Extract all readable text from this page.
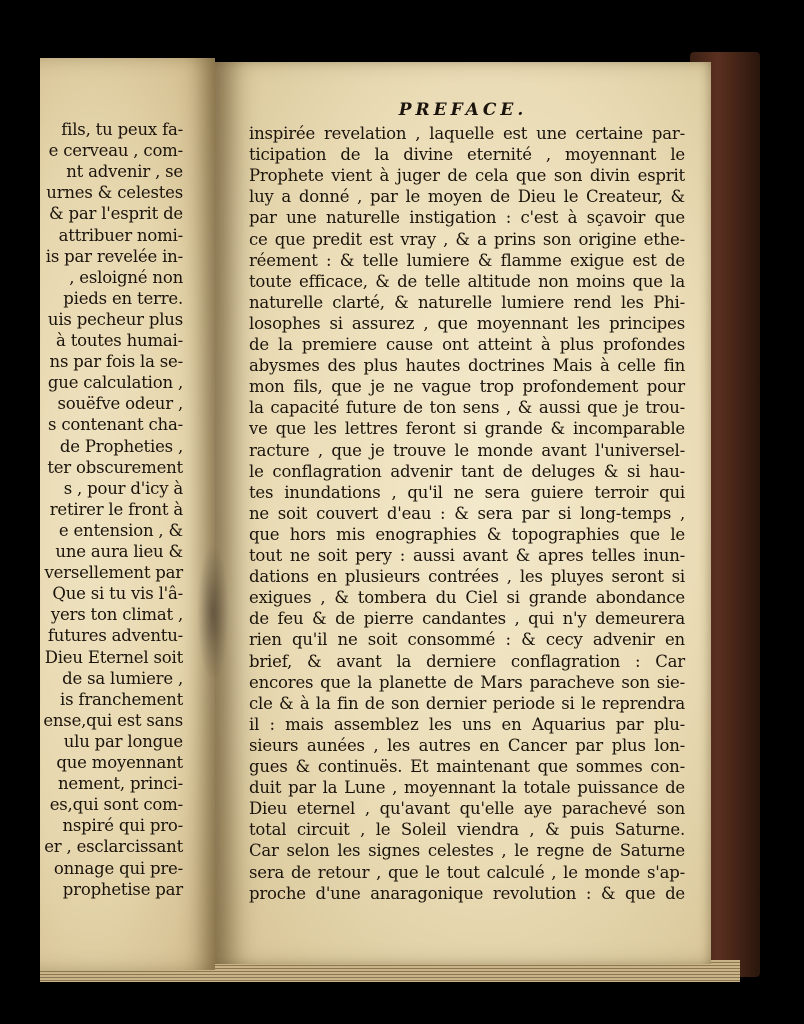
fils, tu peux fa-
e cerveau , com-
nt advenir , se
urnes & celestes
& par l'esprit de
attribuer nomi-
is par revelée in-
, esloigné non
pieds en terre.
uis pecheur plus
à toutes humai-
ns par fois la se-
gue calculation ,
souëfve odeur ,
s contenant cha-
de Propheties ,
ter obscurement
s , pour d'icy à
retirer le front à
e entension , &
une aura lieu &
versellement par
Que si tu vis l'â-
yers ton climat ,
futures adventu-
Dieu Eternel soit
de sa lumiere ,
is franchement
ense,qui est sans
ulu par longue
que moyennant
nement, princi-
es,qui sont com-
nspiré qui pro-
er , esclarcissant
onnage qui pre-
prophetise par
PREFACE.
inspirée revelation , laquelle est une certaine par-
ticipation de la divine eternité , moyennant le
Prophete vient à juger de cela que son divin esprit
luy a donné , par le moyen de Dieu le Createur, &
par une naturelle instigation : c'est à sçavoir que
ce que predit est vray , & a prins son origine ethe-
réement : & telle lumiere & flamme exigue est de
toute efficace, & de telle altitude non moins que la
naturelle clarté, & naturelle lumiere rend les Phi-
losophes si assurez , que moyennant les principes
de la premiere cause ont atteint à plus profondes
abysmes des plus hautes doctrines Mais à celle fin
mon fils, que je ne vague trop profondement pour
la capacité future de ton sens , & aussi que je trou-
ve que les lettres feront si grande & incomparable
racture , que je trouve le monde avant l'universel-
le conflagration advenir tant de deluges & si hau-
tes inundations , qu'il ne sera guiere terroir qui
ne soit couvert d'eau : & sera par si long-temps ,
que hors mis enographies & topographies que le
tout ne soit pery : aussi avant & apres telles inun-
dations en plusieurs contrées , les pluyes seront si
exigues , & tombera du Ciel si grande abondance
de feu & de pierre candantes , qui n'y demeurera
rien qu'il ne soit consommé : & cecy advenir en
brief, & avant la derniere conflagration : Car
encores que la planette de Mars paracheve son sie-
cle & à la fin de son dernier periode si le reprendra
il : mais assemblez les uns en Aquarius par plu-
sieurs aunées , les autres en Cancer par plus lon-
gues & continuës. Et maintenant que sommes con-
duit par la Lune , moyennant la totale puissance de
Dieu eternel , qu'avant qu'elle aye parachevé son
total circuit , le Soleil viendra , & puis Saturne.
Car selon les signes celestes , le regne de Saturne
sera de retour , que le tout calculé , le monde s'ap-
proche d'une anaragonique revolution : & que de
